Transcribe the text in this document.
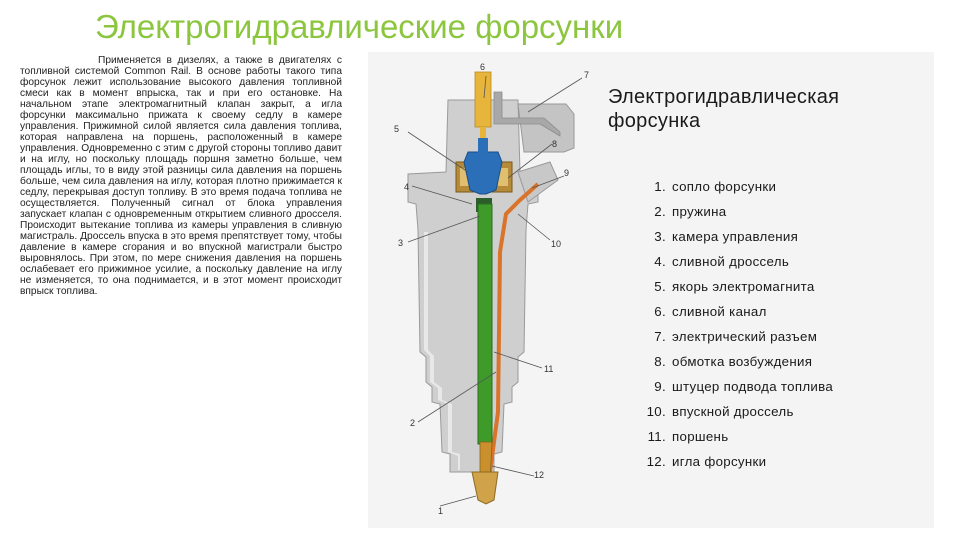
Электрогидравлические форсунки
Применяется в дизелях, а также в двигателях с топливной системой Common Rail. В основе работы такого типа форсунок лежит использование высокого давления топливной смеси как в момент впрыска, так и при его остановке. На начальном этапе электромагнитный клапан закрыт, а игла форсунки максимально прижата к своему седлу в камере управления. Прижимной силой является сила давления топлива, которая направлена на поршень, расположенный в камере управления. Одновременно с этим с другой стороны топливо давит и на иглу, но поскольку площадь поршня заметно больше, чем площадь иглы, то в виду этой разницы сила давления на поршень больше, чем сила давления на иглу, которая плотно прижимается к седлу, перекрывая доступ топливу. В это время подача топлива не осуществляется. Полученный сигнал от блока управления запускает клапан с одновременным открытием сливного дросселя. Происходит вытекание топлива из камеры управления в сливную магистраль. Дроссель впуска в это время препятствует тому, чтобы давление в камере сгорания и во впускной магистрали быстро выровнялось. При этом, по мере снижения давления на поршень ослабевает его прижимное усилие, а поскольку давление на иглу не изменяется, то она поднимается, и в этот момент происходит впрыск топлива.
6
7
5
8
4
9
3	10
11
2
12
1
Электрогидравлическая форсунка
1. сопло форсунки
2. пружина
3. камера управления
4. сливной дроссель
5. якорь электромагнита
6. сливной канал
7. электрический разъем
8. обмотка возбуждения
9. штуцер подвода топлива
10. впускной дроссель
11. поршень
12. игла форсунки
